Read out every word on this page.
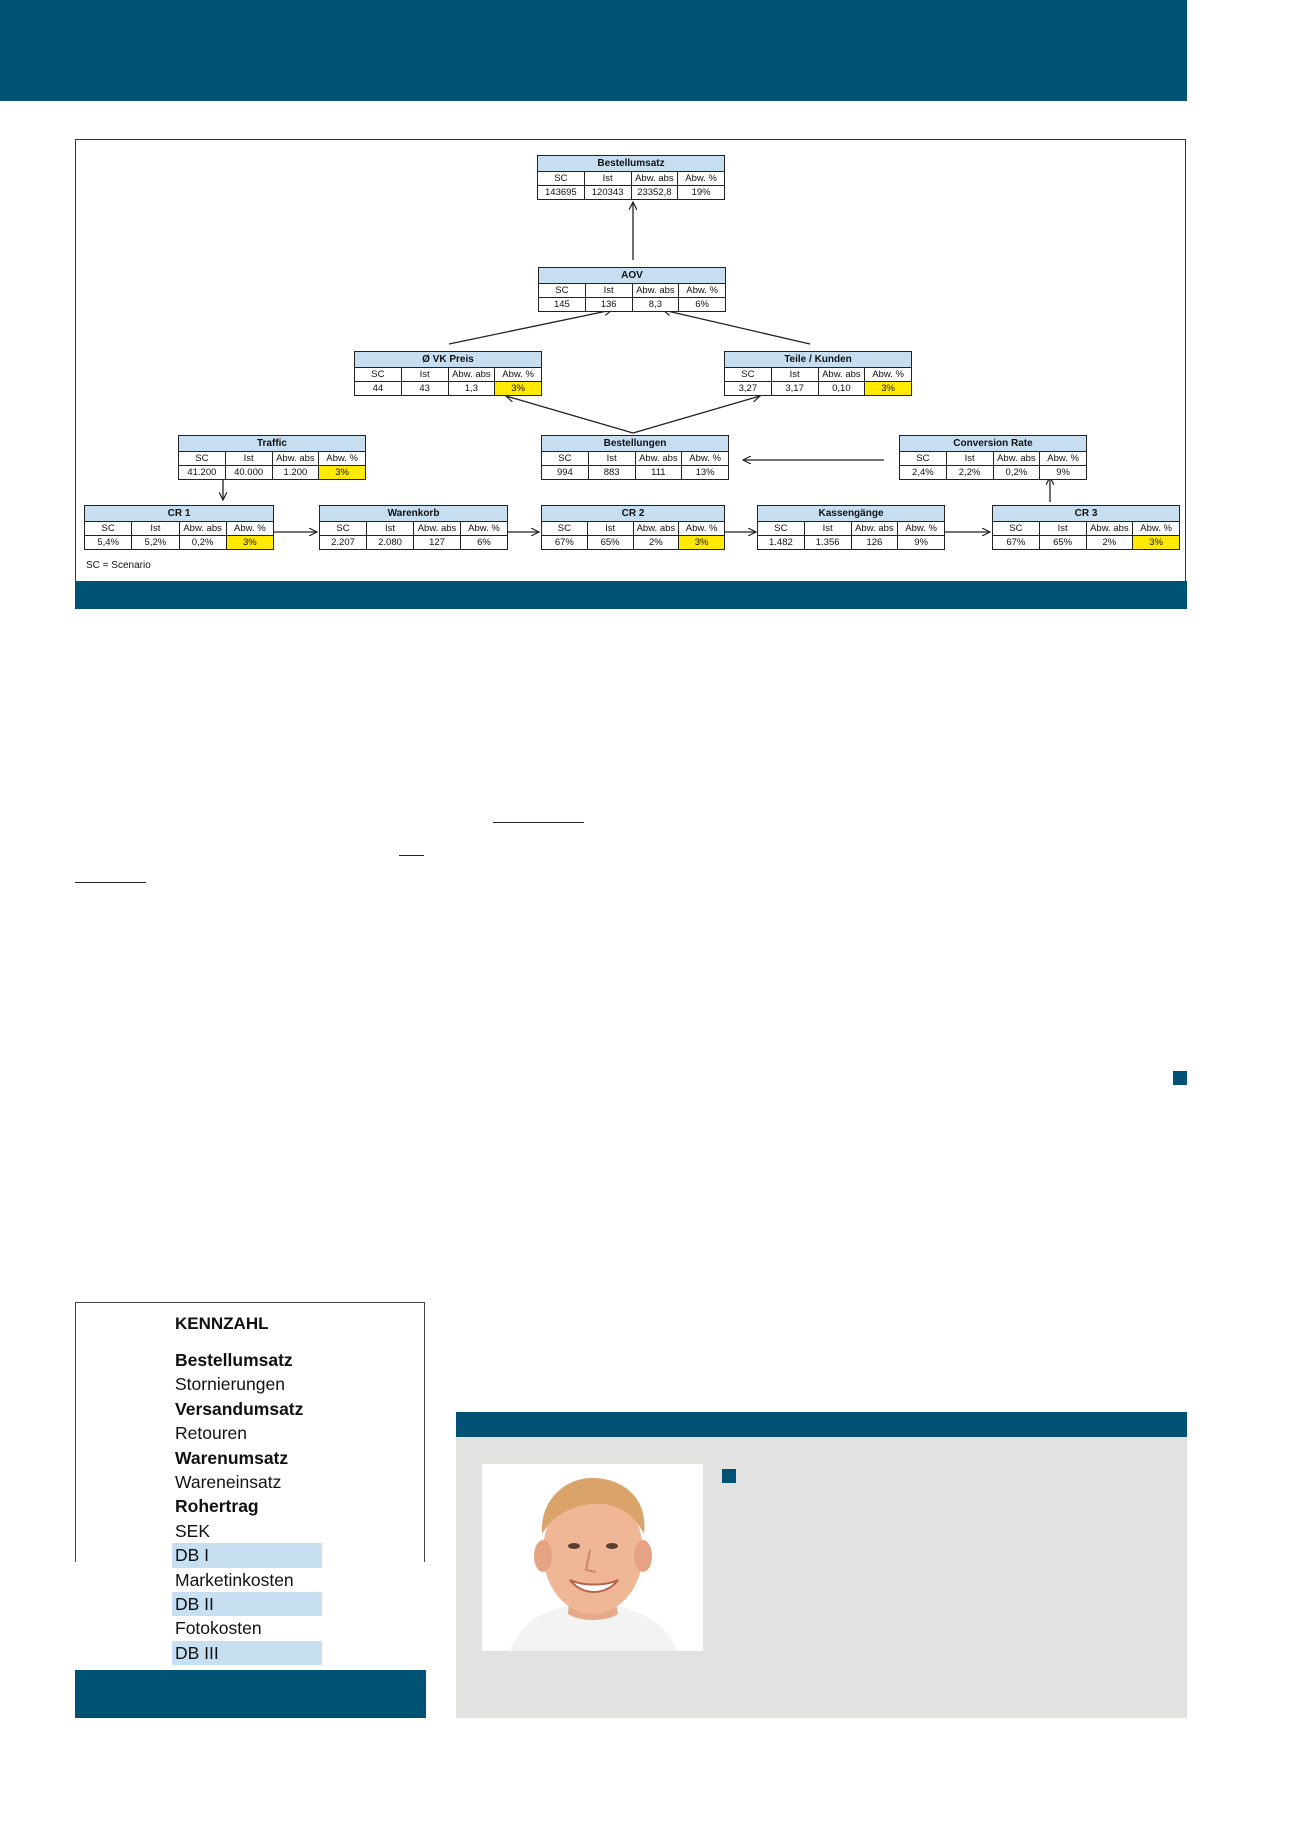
Bestellumsatz
SC	Ist	Abw. abs	Abw. %
143695	120343	23352,8	19%
AOV
SC	Ist	Abw. abs	Abw. %
145	136	8,3	6%
Ø VK Preis
SC	Ist	Abw. abs	Abw. %
44	43	1,3	3%
Teile / Kunden
SC	Ist	Abw. abs	Abw. %
3,27	3,17	0,10	3%
Traffic
SC	Ist	Abw. abs	Abw. %
41.200	40.000	1.200	3%
Bestellungen
SC	Ist	Abw. abs	Abw. %
994	883	111	13%
Conversion Rate
SC	Ist	Abw. abs	Abw. %
2,4%	2,2%	0,2%	9%
CR 1
SC	Ist	Abw. abs	Abw. %
5,4%	5,2%	0,2%	3%
Warenkorb
SC	Ist	Abw. abs	Abw. %
2.207	2.080	127	6%
CR 2
SC	Ist	Abw. abs	Abw. %
67%	65%	2%	3%
Kassengänge
SC	Ist	Abw. abs	Abw. %
1.482	1.356	126	9%
CR 3
SC	Ist	Abw. abs	Abw. %
67%	65%	2%	3%
SC = Scenario
KENNZAHL
Bestellumsatz
Stornierungen
Versandumsatz
Retouren
Warenumsatz
Wareneinsatz
Rohertrag
SEK
DB I
Marketinkosten
DB II
Fotokosten
DB III
